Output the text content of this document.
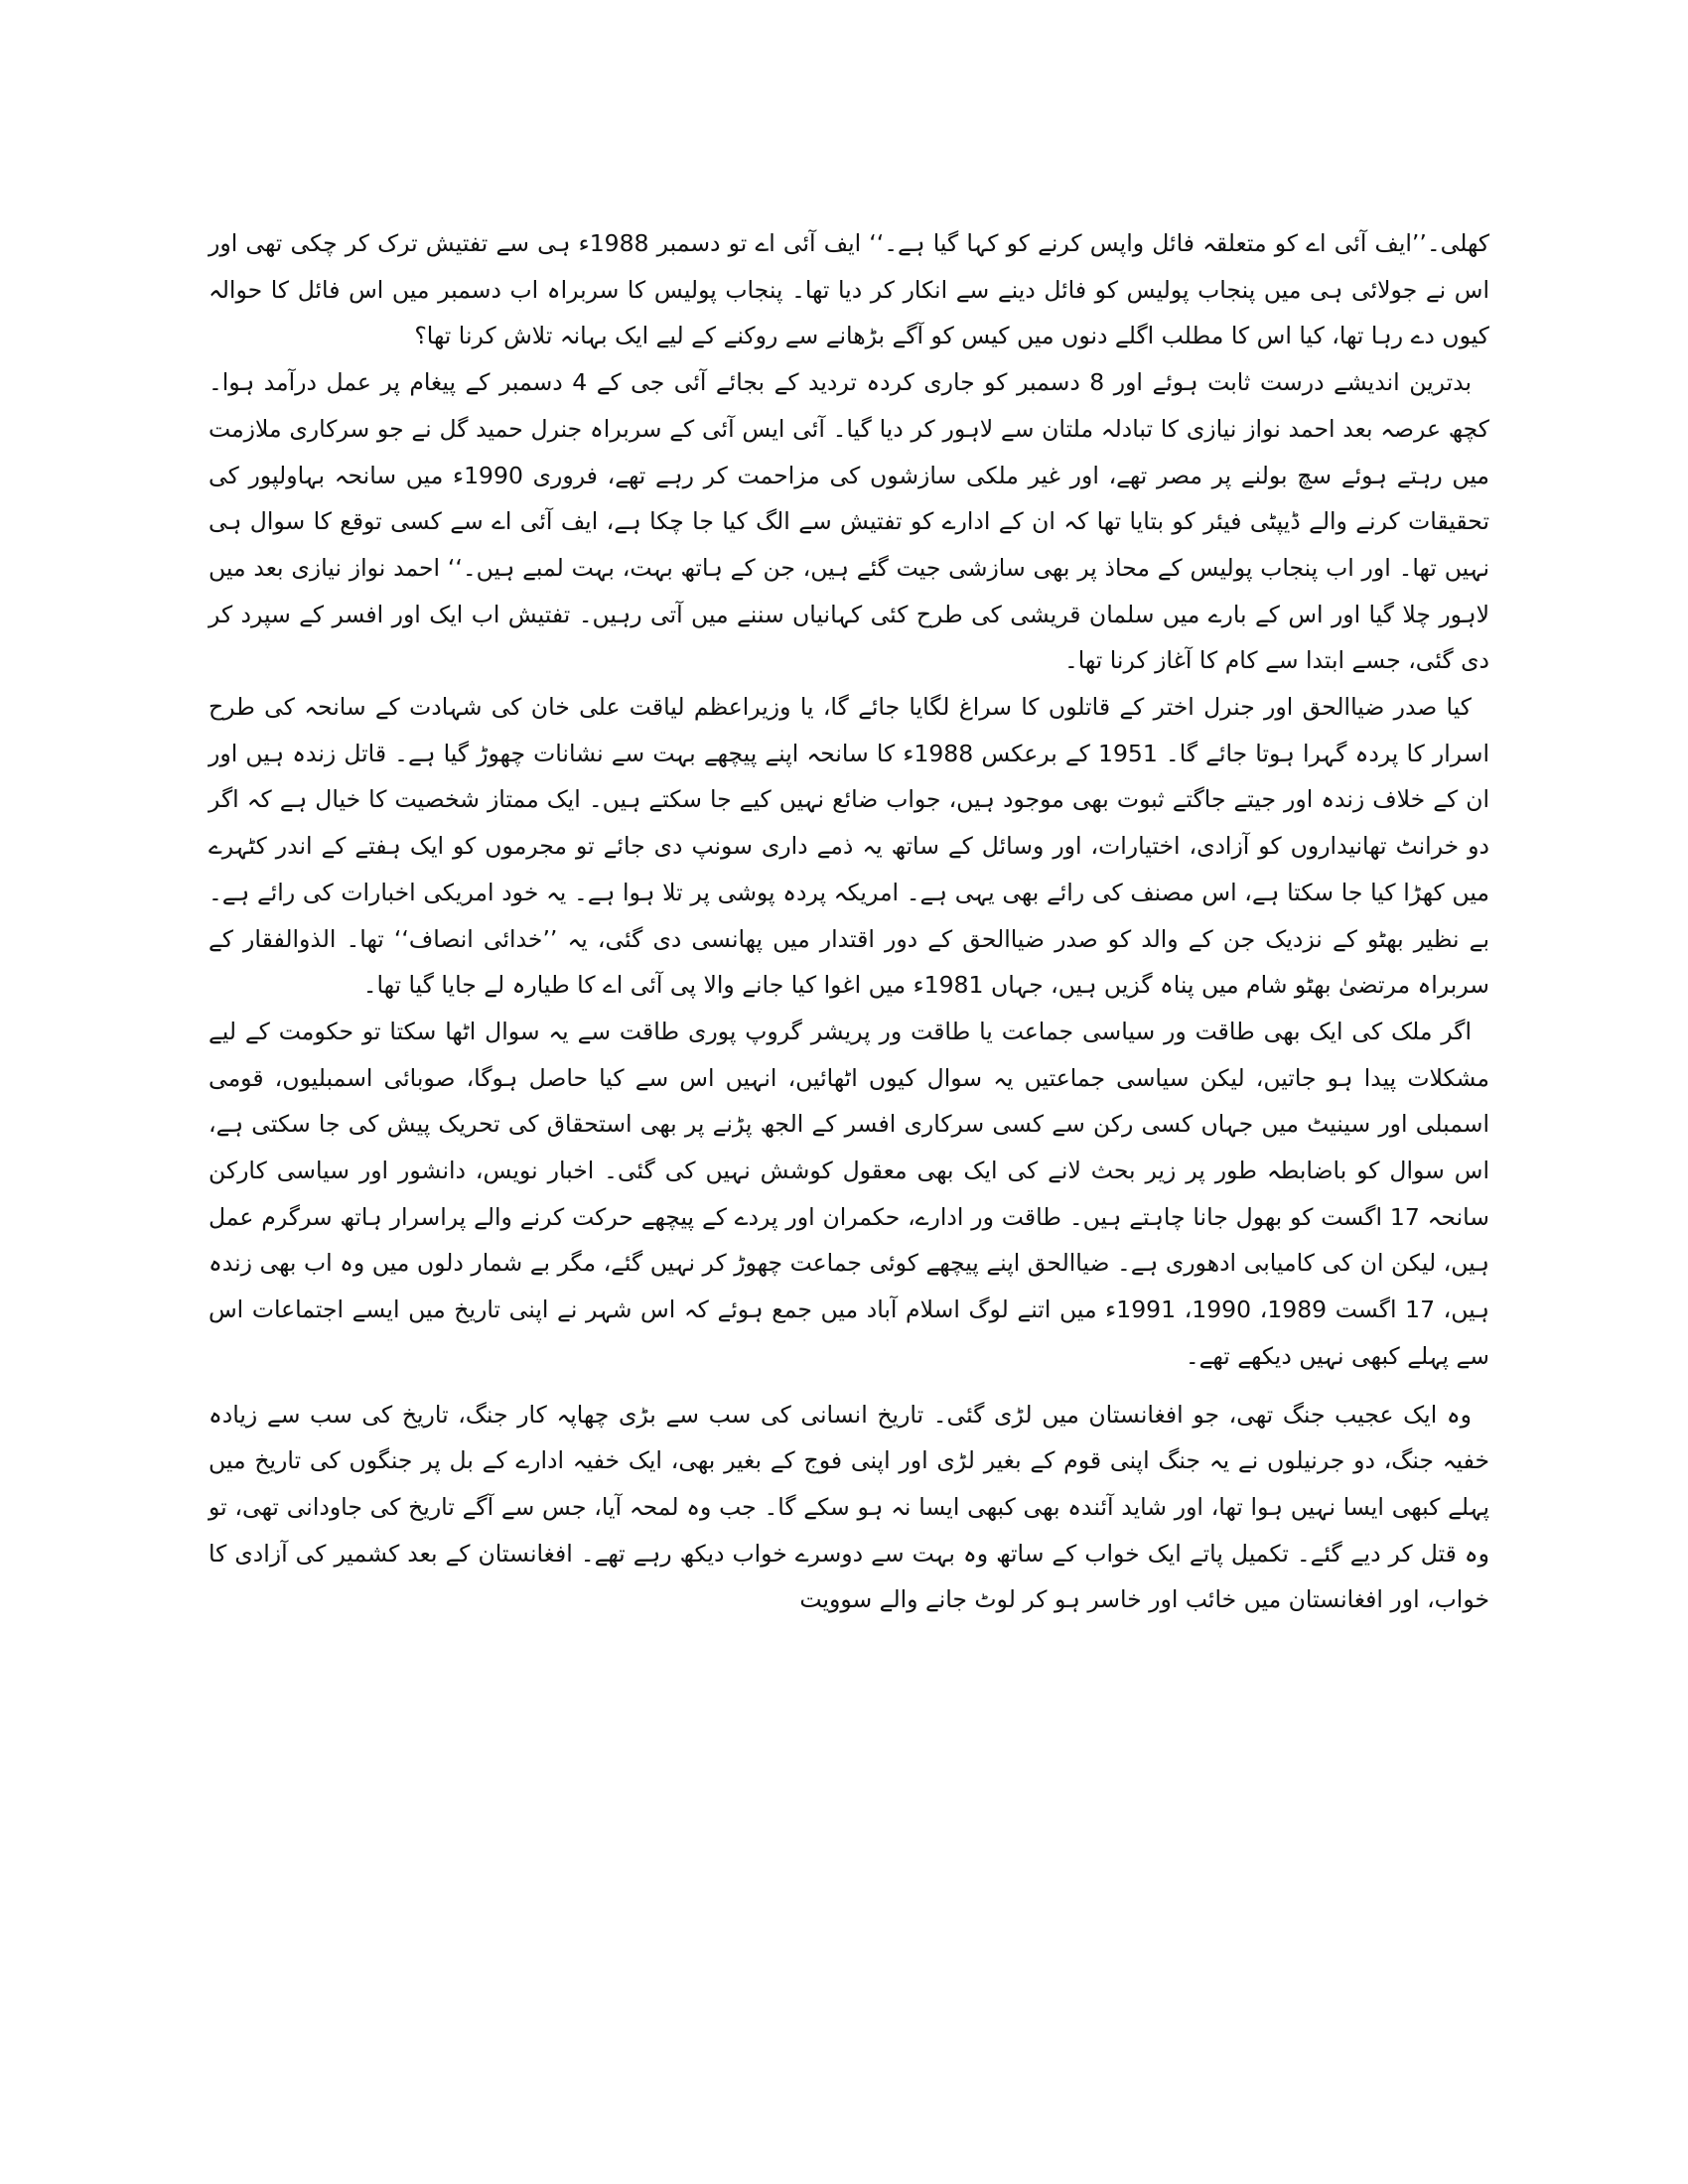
کھلی۔’’ایف آئی اے کو متعلقہ فائل واپس کرنے کو کہا گیا ہے۔‘‘ ایف آئی اے تو دسمبر 1988ء ہی سے تفتیش ترک کر چکی تھی اور اس نے جولائی ہی میں پنجاب پولیس کو فائل دینے سے انکار کر دیا تھا۔ پنجاب پولیس کا سربراہ اب دسمبر میں اس فائل کا حوالہ کیوں دے رہا تھا، کیا اس کا مطلب اگلے دنوں میں کیس کو آگے بڑھانے سے روکنے کے لیے ایک بہانہ تلاش کرنا تھا؟

بدترین اندیشے درست ثابت ہوئے اور 8 دسمبر کو جاری کردہ تردید کے بجائے آئی جی کے 4 دسمبر کے پیغام پر عمل درآمد ہوا۔ کچھ عرصہ بعد احمد نواز نیازی کا تبادلہ ملتان سے لاہور کر دیا گیا۔ آئی ایس آئی کے سربراہ جنرل حمید گل نے جو سرکاری ملازمت میں رہتے ہوئے سچ بولنے پر مصر تھے، اور غیر ملکی سازشوں کی مزاحمت کر رہے تھے، فروری 1990ء میں سانحہ بہاولپور کی تحقیقات کرنے والے ڈیپٹی فیئر کو بتایا تھا کہ ان کے ادارے کو تفتیش سے الگ کیا جا چکا ہے، ایف آئی اے سے کسی توقع کا سوال ہی نہیں تھا۔ اور اب پنجاب پولیس کے محاذ پر بھی سازشی جیت گئے ہیں، جن کے ہاتھ بہت، بہت لمبے ہیں۔‘‘ احمد نواز نیازی بعد میں لاہور چلا گیا اور اس کے بارے میں سلمان قریشی کی طرح کئی کہانیاں سننے میں آتی رہیں۔ تفتیش اب ایک اور افسر کے سپرد کر دی گئی، جسے ابتدا سے کام کا آغاز کرنا تھا۔

کیا صدر ضیاالحق اور جنرل اختر کے قاتلوں کا سراغ لگایا جائے گا، یا وزیراعظم لیاقت علی خان کی شہادت کے سانحہ کی طرح اسرار کا پردہ گہرا ہوتا جائے گا۔ 1951 کے برعکس 1988ء کا سانحہ اپنے پیچھے بہت سے نشانات چھوڑ گیا ہے۔ قاتل زندہ ہیں اور ان کے خلاف زندہ اور جیتے جاگتے ثبوت بھی موجود ہیں، جواب ضائع نہیں کیے جا سکتے ہیں۔ ایک ممتاز شخصیت کا خیال ہے کہ اگر دو خرانٹ تھانیداروں کو آزادی، اختیارات، اور وسائل کے ساتھ یہ ذمے داری سونپ دی جائے تو مجرموں کو ایک ہفتے کے اندر کٹہرے میں کھڑا کیا جا سکتا ہے، اس مصنف کی رائے بھی یہی ہے۔ امریکہ پردہ پوشی پر تلا ہوا ہے۔ یہ خود امریکی اخبارات کی رائے ہے۔ بے نظیر بھٹو کے نزدیک جن کے والد کو صدر ضیاالحق کے دور اقتدار میں پھانسی دی گئی، یہ ’’خدائی انصاف‘‘ تھا۔ الذوالفقار کے سربراہ مرتضیٰ بھٹو شام میں پناہ گزیں ہیں، جہاں 1981ء میں اغوا کیا جانے والا پی آئی اے کا طیارہ لے جایا گیا تھا۔

اگر ملک کی ایک بھی طاقت ور سیاسی جماعت یا طاقت ور پریشر گروپ پوری طاقت سے یہ سوال اٹھا سکتا تو حکومت کے لیے مشکلات پیدا ہو جاتیں، لیکن سیاسی جماعتیں یہ سوال کیوں اٹھائیں، انہیں اس سے کیا حاصل ہوگا، صوبائی اسمبلیوں، قومی اسمبلی اور سینیٹ میں جہاں کسی رکن سے کسی سرکاری افسر کے الجھ پڑنے پر بھی استحقاق کی تحریک پیش کی جا سکتی ہے، اس سوال کو باضابطہ طور پر زیر بحث لانے کی ایک بھی معقول کوشش نہیں کی گئی۔ اخبار نویس، دانشور اور سیاسی کارکن سانحہ 17 اگست کو بھول جانا چاہتے ہیں۔ طاقت ور ادارے، حکمران اور پردے کے پیچھے حرکت کرنے والے پراسرار ہاتھ سرگرم عمل ہیں، لیکن ان کی کامیابی ادھوری ہے۔ ضیاالحق اپنے پیچھے کوئی جماعت چھوڑ کر نہیں گئے، مگر بے شمار دلوں میں وہ اب بھی زندہ ہیں، 17 اگست 1989، 1990، 1991ء میں اتنے لوگ اسلام آباد میں جمع ہوئے کہ اس شہر نے اپنی تاریخ میں ایسے اجتماعات اس سے پہلے کبھی نہیں دیکھے تھے۔

وہ ایک عجیب جنگ تھی، جو افغانستان میں لڑی گئی۔ تاریخ انسانی کی سب سے بڑی چھاپہ کار جنگ، تاریخ کی سب سے زیادہ خفیہ جنگ، دو جرنیلوں نے یہ جنگ اپنی قوم کے بغیر لڑی اور اپنی فوج کے بغیر بھی، ایک خفیہ ادارے کے بل پر جنگوں کی تاریخ میں پہلے کبھی ایسا نہیں ہوا تھا، اور شاید آئندہ بھی کبھی ایسا نہ ہو سکے گا۔ جب وہ لمحہ آیا، جس سے آگے تاریخ کی جاودانی تھی، تو وہ قتل کر دیے گئے۔ تکمیل پاتے ایک خواب کے ساتھ وہ بہت سے دوسرے خواب دیکھ رہے تھے۔ افغانستان کے بعد کشمیر کی آزادی کا خواب، اور افغانستان میں خائب اور خاسر ہو کر لوٹ جانے والے سوویت
